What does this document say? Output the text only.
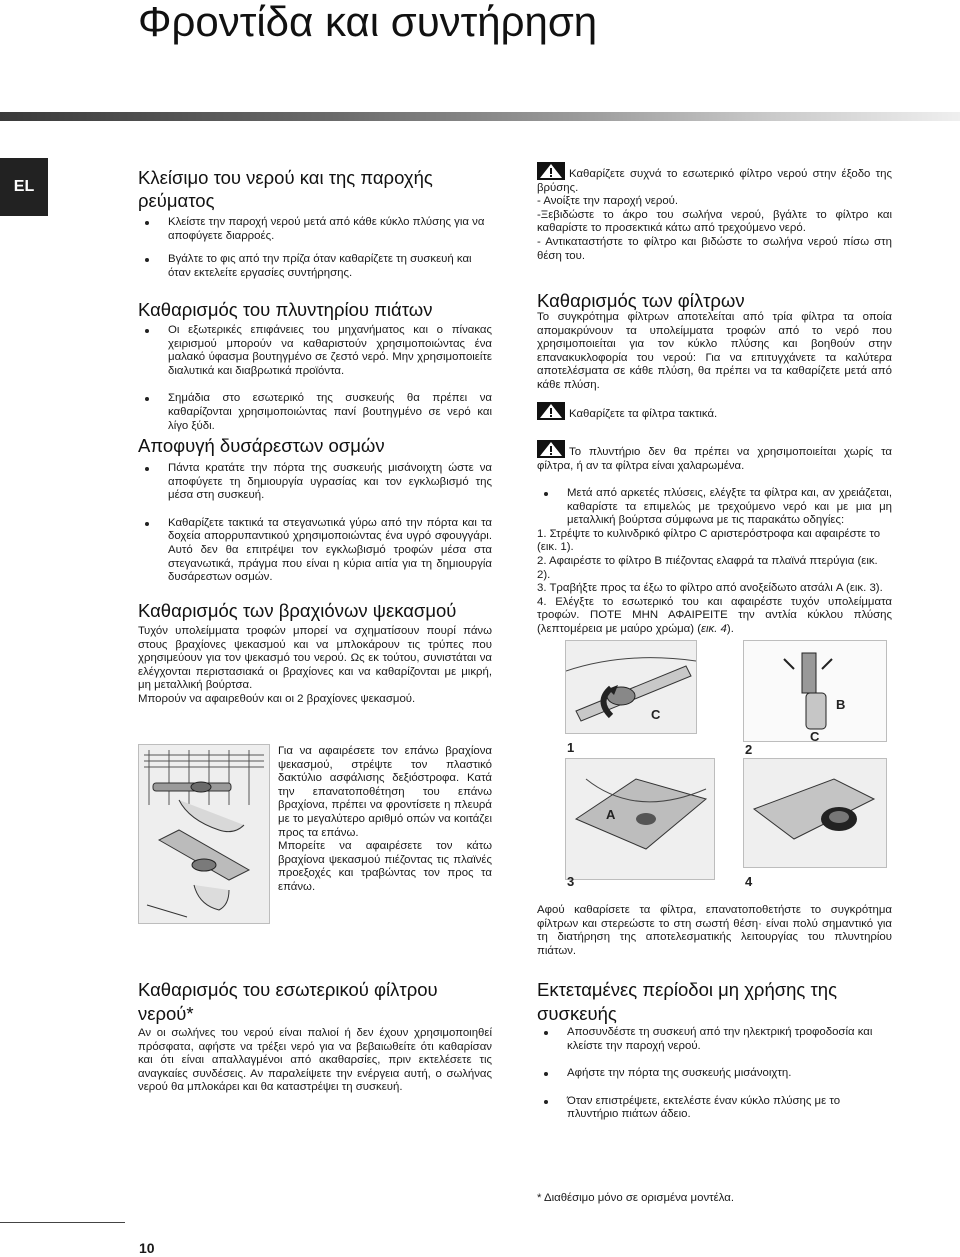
Φροντίδα και συντήρηση
EL	Κλείσιμο του νερού και της παροχής ρεύματος
Κλείστε την παροχή νερού μετά από κάθε κύκλο πλύσης για να αποφύγετε διαρροές.
Βγάλτε το φις από την πρίζα όταν καθαρίζετε τη συσκευή και όταν εκτελείτε εργασίες συντήρησης.
Καθαρισμός του πλυντηρίου πιάτων
Οι εξωτερικές επιφάνειες του μηχανήματος και ο πίνακας χειρισμού μπορούν να καθαριστούν χρησιμοποιώντας ένα μαλακό ύφασμα βουτηγμένο σε ζεστό νερό. Μην χρησιμοποιείτε διαλυτικά και διαβρωτικά προϊόντα.
Σημάδια στο εσωτερικό της συσκευής θα πρέπει να καθαρίζονται χρησιμοποιώντας πανί βουτηγμένο σε νερό και λίγο ξύδι.
Αποφυγή δυσάρεστων οσμών
Πάντα κρατάτε την πόρτα της συσκευής μισάνοιχτη ώστε να αποφύγετε τη δημιουργία υγρασίας και τον εγκλωβισμό της μέσα στη συσκευή.
Καθαρίζετε τακτικά τα στεγανωτικά γύρω από την πόρτα και τα δοχεία απορρυπαντικού χρησιμοποιώντας ένα υγρό σφουγγάρι. Αυτό δεν θα επιτρέψει τον εγκλωβισμό τροφών μέσα στα στεγανωτικά, πράγμα που είναι η κύρια αιτία για τη δημιουργία δυσάρεστων οσμών.
Καθαρισμός των βραχιόνων ψεκασμού

Τυχόν υπολείμματα τροφών μπορεί να σχηματίσουν πουρί πάνω στους βραχίονες ψεκασμού και να μπλοκάρουν τις τρύπες που χρησιμεύουν για τον ψεκασμό του νερού. Ως εκ τούτου, συνιστάται να ελέγχονται περιστασιακά οι βραχίονες και να καθαρίζονται με μικρή, μη μεταλλική βούρτσα.

Μπορούν να αφαιρεθούν και οι 2 βραχίονες ψεκασμού.

Για να αφαιρέσετε τον επάνω βραχίονα ψεκασμού, στρέψτε τον πλαστικό δακτύλιο ασφάλισης δεξιόστροφα. Κατά την επανατοποθέτηση του επάνω βραχίονα, πρέπει να φροντίσετε η πλευρά με το μεγαλύτερο αριθμό οπών να κοιτάζει προς τα επάνω.

Μπορείτε να αφαιρέσετε τον κάτω βραχίονα ψεκασμού πιέζοντας τις πλαϊνές προεξοχές και τραβώντας τον προς τα επάνω.

Καθαρισμός του εσωτερικού φίλτρου νερού*

Αν οι σωλήνες του νερού είναι παλιοί ή δεν έχουν χρησιμοποιηθεί πρόσφατα, αφήστε να τρέξει νερό για να βεβαιωθείτε ότι καθαρίσαν και ότι είναι απαλλαγμένοι από ακαθαρσίες, πριν εκτελέσετε τις αναγκαίες συνδέσεις. Αν παραλείψετε την ενέργεια αυτή, ο σωλήνας νερού θα μπλοκάρει και θα καταστρέψει τη συσκευή.

Καθαρίζετε συχνά το εσωτερικό φίλτρο νερού στην έξοδο της βρύσης.

- Ανοίξτε την παροχή νερού.

-Ξεβιδώστε το άκρο του σωλήνα νερού, βγάλτε το φίλτρο και καθαρίστε το προσεκτικά κάτω από τρεχούμενο νερό.

- Αντικαταστήστε το φίλτρο και βιδώστε το σωλήνα νερού πίσω στη θέση του.

Καθαρισμός των φίλτρων

Το συγκρότημα φίλτρων αποτελείται από τρία φίλτρα τα οποία απομακρύνουν τα υπολείμματα τροφών από το νερό που χρησιμοποιείται για τον κύκλο πλύσης και βοηθούν στην επανακυκλοφορία του νερού: Για να επιτυγχάνετε τα καλύτερα αποτελέσματα σε κάθε πλύση, θα πρέπει να τα καθαρίζετε μετά από κάθε πλύση.

Καθαρίζετε τα φίλτρα τακτικά.
Το πλυντήριο δεν θα πρέπει να χρησιμοποιείται χωρίς τα φίλτρα, ή αν τα φίλτρα είναι χαλαρωμένα.
Μετά από αρκετές πλύσεις, ελέγξτε τα φίλτρα και, αν χρειάζεται, καθαρίστε τα επιμελώς με τρεχούμενο νερό και με μια μη μεταλλική βούρτσα σύμφωνα με τις παρακάτω οδηγίες:

1. Στρέψτε το κυλινδρικό φίλτρο C αριστερόστροφα και αφαιρέστε το (εικ. 1).

2. Αφαιρέστε το φίλτρο B πιέζοντας ελαφρά τα πλαϊνά πτερύγια (εικ. 2).

3. Τραβήξτε προς τα έξω το φίλτρο από ανοξείδωτο ατσάλι A (εικ. 3).

4. Ελέγξτε το εσωτερικό του και αφαιρέστε τυχόν υπολείμματα τροφών. ΠΟΤΕ ΜΗΝ ΑΦΑΙΡΕΙΤΕ την αντλία κύκλου πλύσης (λεπτομέρεια με μαύρο χρώμα) (εικ. 4).

C
1
B
C
2
A
3	4

Αφού καθαρίσετε τα φίλτρα, επανατοποθετήστε το συγκρότημα φίλτρων και στερεώστε το στη σωστή θέση· είναι πολύ σημαντικό για τη διατήρηση της αποτελεσματικής λειτουργίας του πλυντηρίου πιάτων.

Εκτεταμένες περίοδοι μη χρήσης της συσκευής
Αποσυνδέστε τη συσκευή από την ηλεκτρική τροφοδοσία και κλείστε την παροχή νερού.
Αφήστε την πόρτα της συσκευής μισάνοιχτη.
Όταν επιστρέψετε, εκτελέστε έναν κύκλο πλύσης με το πλυντήριο πιάτων άδειο.
* Διαθέσιμο μόνο σε ορισμένα μοντέλα.
10
